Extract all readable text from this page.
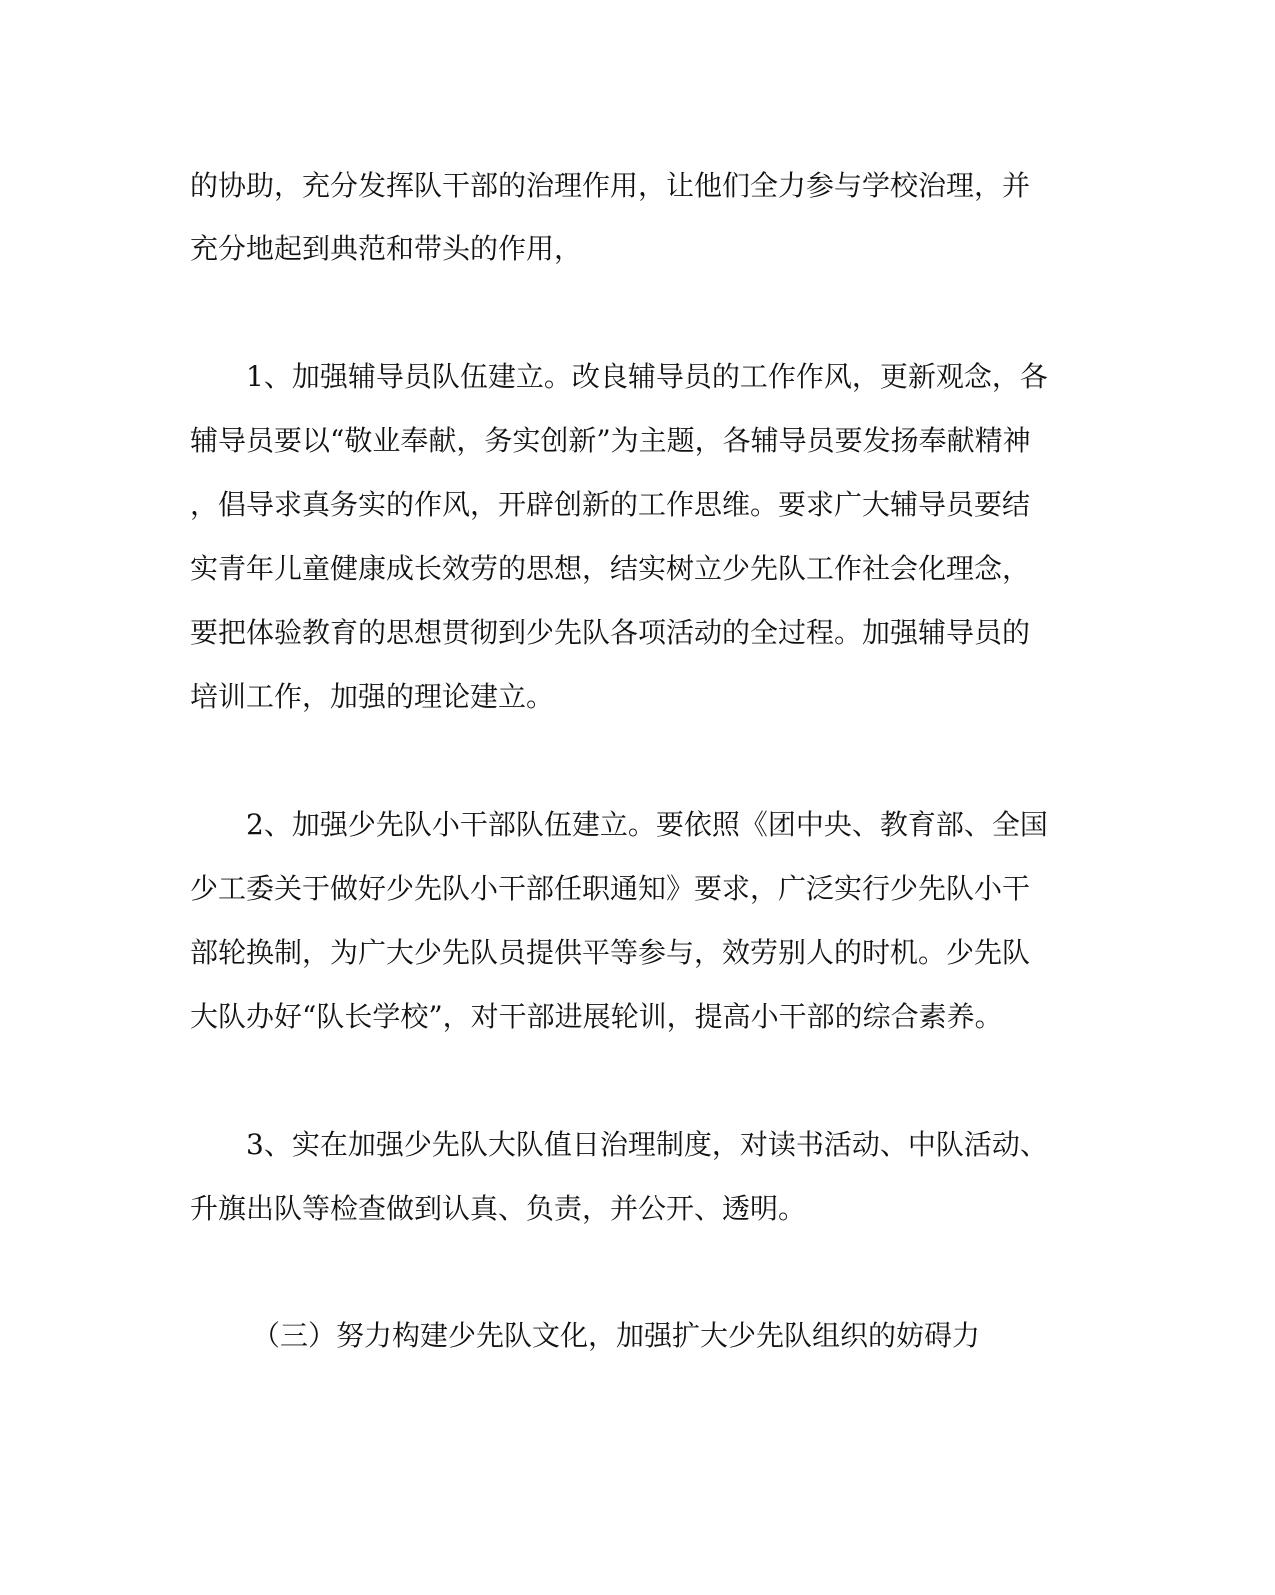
的协助，充分发挥队干部的治理作用，让他们全力参与学校治理，并
充分地起到典范和带头的作用，
1、加强辅导员队伍建立。改良辅导员的工作作风，更新观念，各
辅导员要以“敬业奉献，务实创新”为主题，各辅导员要发扬奉献精神
，倡导求真务实的作风，开辟创新的工作思维。要求广大辅导员要结
实青年儿童健康成长效劳的思想，结实树立少先队工作社会化理念，
要把体验教育的思想贯彻到少先队各项活动的全过程。加强辅导员的
培训工作，加强的理论建立。
2、加强少先队小干部队伍建立。要依照《团中央、教育部、全国
少工委关于做好少先队小干部任职通知》要求，广泛实行少先队小干
部轮换制，为广大少先队员提供平等参与，效劳别人的时机。少先队
大队办好“队长学校”，对干部进展轮训，提高小干部的综合素养。
3、实在加强少先队大队值日治理制度，对读书活动、中队活动、
升旗出队等检查做到认真、负责，并公开、透明。
（三）努力构建少先队文化，加强扩大少先队组织的妨碍力
